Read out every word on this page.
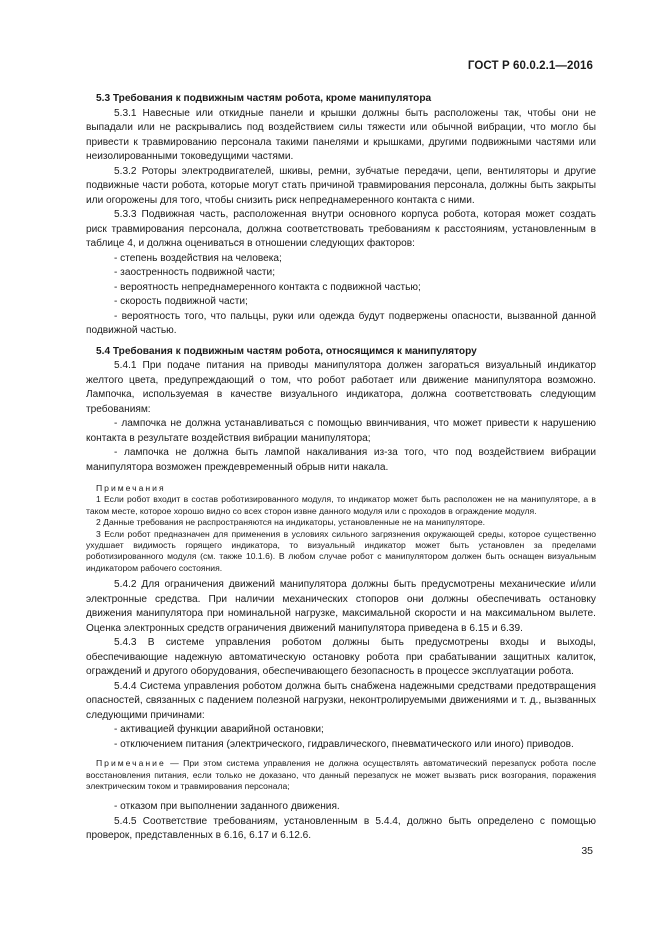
ГОСТ Р 60.0.2.1—2016

5.3 Требования к подвижным частям робота, кроме манипулятора

5.3.1 Навесные или откидные панели и крышки должны быть расположены так, чтобы они не выпадали или не раскрывались под воздействием силы тяжести или обычной вибрации, что могло бы привести к травмированию персонала такими панелями и крышками, другими подвижными частями или неизолированными токоведущими частями.

5.3.2 Роторы электродвигателей, шкивы, ремни, зубчатые передачи, цепи, вентиляторы и другие подвижные части робота, которые могут стать причиной травмирования персонала, должны быть закрыты или огорожены для того, чтобы снизить риск непреднамеренного контакта с ними.

5.3.3 Подвижная часть, расположенная внутри основного корпуса робота, которая может создать риск травмирования персонала, должна соответствовать требованиям к расстояниям, установленным в таблице 4, и должна оцениваться в отношении следующих факторов:

- степень воздействия на человека;

- заостренность подвижной части;

- вероятность непреднамеренного контакта с подвижной частью;

- скорость подвижной части;

- вероятность того, что пальцы, руки или одежда будут подвержены опасности, вызванной данной подвижной частью.

5.4 Требования к подвижным частям робота, относящимся к манипулятору

5.4.1 При подаче питания на приводы манипулятора должен загораться визуальный индикатор желтого цвета, предупреждающий о том, что робот работает или движение манипулятора возможно. Лампочка, используемая в качестве визуального индикатора, должна соответствовать следующим требованиям:

- лампочка не должна устанавливаться с помощью ввинчивания, что может привести к нарушению контакта в результате воздействия вибрации манипулятора;

- лампочка не должна быть лампой накаливания из-за того, что под воздействием вибрации манипулятора возможен преждевременный обрыв нити накала.

Примечания

1 Если робот входит в состав роботизированного модуля, то индикатор может быть расположен не на манипуляторе, а в таком месте, которое хорошо видно со всех сторон извне данного модуля или с проходов в ограждение модуля.

2 Данные требования не распространяются на индикаторы, установленные не на манипуляторе.

3 Если робот предназначен для применения в условиях сильного загрязнения окружающей среды, которое существенно ухудшает видимость горящего индикатора, то визуальный индикатор может быть установлен за пределами роботизированного модуля (см. также 10.1.6). В любом случае робот с манипулятором должен быть оснащен визуальным индикатором рабочего состояния.

5.4.2 Для ограничения движений манипулятора должны быть предусмотрены механические и/или электронные средства. При наличии механических стопоров они должны обеспечивать остановку движения манипулятора при номинальной нагрузке, максимальной скорости и на максимальном вылете. Оценка электронных средств ограничения движений манипулятора приведена в 6.15 и 6.39.

5.4.3 В системе управления роботом должны быть предусмотрены входы и выходы, обеспечивающие надежную автоматическую остановку робота при срабатывании защитных калиток, ограждений и другого оборудования, обеспечивающего безопасность в процессе эксплуатации робота.

5.4.4 Система управления роботом должна быть снабжена надежными средствами предотвращения опасностей, связанных с падением полезной нагрузки, неконтролируемыми движениями и т. д., вызванных следующими причинами:

- активацией функции аварийной остановки;

- отключением питания (электрического, гидравлического, пневматического или иного) приводов.

Примечание — При этом система управления не должна осуществлять автоматический перезапуск робота после восстановления питания, если только не доказано, что данный перезапуск не может вызвать риск возгорания, поражения электрическим током и травмирования персонала;

- отказом при выполнении заданного движения.

5.4.5 Соответствие требованиям, установленным в 5.4.4, должно быть определено с помощью проверок, представленных в 6.16, 6.17 и 6.12.6.

35
